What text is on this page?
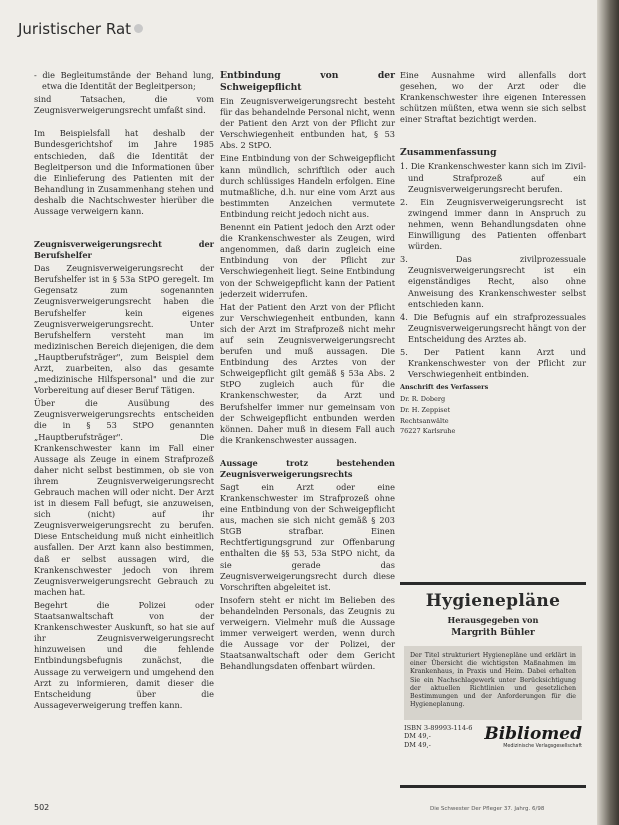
Juristischer Rat

- die Begleitumstände der Behand lung, etwa die Identität der Begleitperson;

sind Tatsachen, die vom Zeugnisverweigerungsrecht umfaßt sind.

Im Beispielsfall hat deshalb der Bundesgerichtshof im Jahre 1985 entschieden, daß die Identität der Begleitperson und die Informationen über die Einlieferung des Patienten mit der Behandlung in Zusammenhang stehen und deshalb die Nachtschwester hierüber die Aussage verweigern kann.

Zeugnisverweigerungsrecht der Berufshelfer

Das Zeugnisverweigerungsrecht der Berufshelfer ist in § 53a StPO geregelt. Im Gegensatz zum sogenannten Zeugnisverweigerungsrecht haben die Berufshelfer kein eigenes Zeugnisverweigerungsrecht. Unter Berufshelfern versteht man im medizinischen Bereich diejenigen, die dem „Hauptberufsträger", zum Beispiel dem Arzt, zuarbeiten, also das gesamte „medizinische Hilfspersonal" und die zur Vorbereitung auf dieser Beruf Tätigen.

Über die Ausübung des Zeugnisverweigerungsrechts entscheiden die in § 53 StPO genannten „Hauptberufsträger". Die Krankenschwester kann im Fall einer Aussage als Zeuge in einem Strafprozeß daher nicht selbst bestimmen, ob sie von ihrem Zeugnisverweigerungsrecht Gebrauch machen will oder nicht. Der Arzt ist in diesem Fall befugt, sie anzuweisen, sich (nicht) auf ihr Zeugnisverweigerungsrecht zu berufen. Diese Entscheidung muß nicht einheitlich ausfallen. Der Arzt kann also bestimmen, daß er selbst aussagen wird, die Krankenschwester jedoch von ihrem Zeugnisverweigerungsrecht Gebrauch zu machen hat.

Begehrt die Polizei oder Staatsanwaltschaft von der Krankenschwester Auskunft, so hat sie auf ihr Zeugnisverweigerungsrecht hinzuweisen und die fehlende Entbindungsbefugnis zunächst, die Aussage zu verweigern und umgehend den Arzt zu informieren, damit dieser die Entscheidung über die Aussageverweigerung treffen kann.

Entbindung von der Schweigepflicht

Ein Zeugnisverweigerungsrecht besteht für das behandelnde Personal nicht, wenn der Patient den Arzt von der Pflicht zur Verschwiegenheit entbunden hat, § 53 Abs. 2 StPO.

Eine Entbindung von der Schweigepflicht kann mündlich, schriftlich oder auch durch schlüssiges Handeln erfolgen. Eine mutmaßliche, d.h. nur eine vom Arzt aus bestimmten Anzeichen vermutete Entbindung reicht jedoch nicht aus.

Benennt ein Patient jedoch den Arzt oder die Krankenschwester als Zeugen, wird angenommen, daß darin zugleich eine Entbindung von der Pflicht zur Verschwiegenheit liegt. Seine Entbindung von der Schweigepflicht kann der Patient jederzeit widerrufen.

Hat der Patient den Arzt von der Pflicht zur Verschwiegenheit entbunden, kann sich der Arzt im Strafprozeß nicht mehr auf sein Zeugnisverweigerungsrecht berufen und muß aussagen. Die Entbindung des Arztes von der Schweigepflicht gilt gemäß § 53a Abs. 2 StPO zugleich auch für die Krankenschwester, da Arzt und Berufshelfer immer nur gemeinsam von der Schweigepflicht entbunden werden können. Daher muß in diesem Fall auch die Krankenschwester aussagen.

Aussage trotz bestehenden Zeugnisverweigerungsrechts

Sagt ein Arzt oder eine Krankenschwester im Strafprozeß ohne eine Entbindung von der Schweigepflicht aus, machen sie sich nicht gemäß § 203 StGB strafbar. Einen Rechtfertigungsgrund zur Offenbarung enthalten die §§ 53, 53a StPO nicht, da sie gerade das Zeugnisverweigerungsrecht durch diese Vorschriften abgeleitet ist.

Insofern steht er nicht im Belieben des behandelnden Personals, das Zeugnis zu verweigern. Vielmehr muß die Aussage immer verweigert werden, wenn durch die Aussage vor der Polizei, der Staatsanwaltschaft oder dem Gericht Behandlungsdaten offenbart würden.

Eine Ausnahme wird allenfalls dort gesehen, wo der Arzt oder die Krankenschwester ihre eigenen Interessen schützen müßten, etwa wenn sie sich selbst einer Straftat bezichtigt werden.

Zusammenfassung

1. Die Krankenschwester kann sich im Zivil- und Strafprozeß auf ein Zeugnisverweigerungsrecht berufen.

2. Ein Zeugnisverweigerungsrecht ist zwingend immer dann in Anspruch zu nehmen, wenn Behandlungsdaten ohne Einwilligung des Patienten offenbart würden.

3. Das zivilprozessuale Zeugnisverweigerungsrecht ist ein eigenständiges Recht, also ohne Anweisung des Krankenschwester selbst entschieden kann.

4. Die Befugnis auf ein strafprozessuales Zeugnisverweigerungsrecht hängt von der Entscheidung des Arztes ab.

5. Der Patient kann Arzt und Krankenschwester von der Pflicht zur Verschwiegenheit entbinden.

Anschrift des Verfassers

Dr. R. Doberg

Dr. H. Zeppiset

Rechtsanwälte

76227 Karlsruhe

Hygienepläne
Herausgegeben von
Margrith Bühler
Der Titel strukturiert Hygienepläne und erklärt in einer Übersicht die wichtigsten Maßnahmen im Krankenhaus, in Praxis und Heim. Dabei erhalten Sie ein Nachschlagewerk unter Berücksichtigung der aktuellen Richtlinien und gesetzlichen Bestimmungen und der Anforderungen für die Hygieneplanung.
ISBN 3-89993-114-6
DM 49,-
DM 49,-
Bibliomed
Medizinische Verlagsgesellschaft
502	Die Schwester Der Pfleger 37. Jahrg. 6/98
